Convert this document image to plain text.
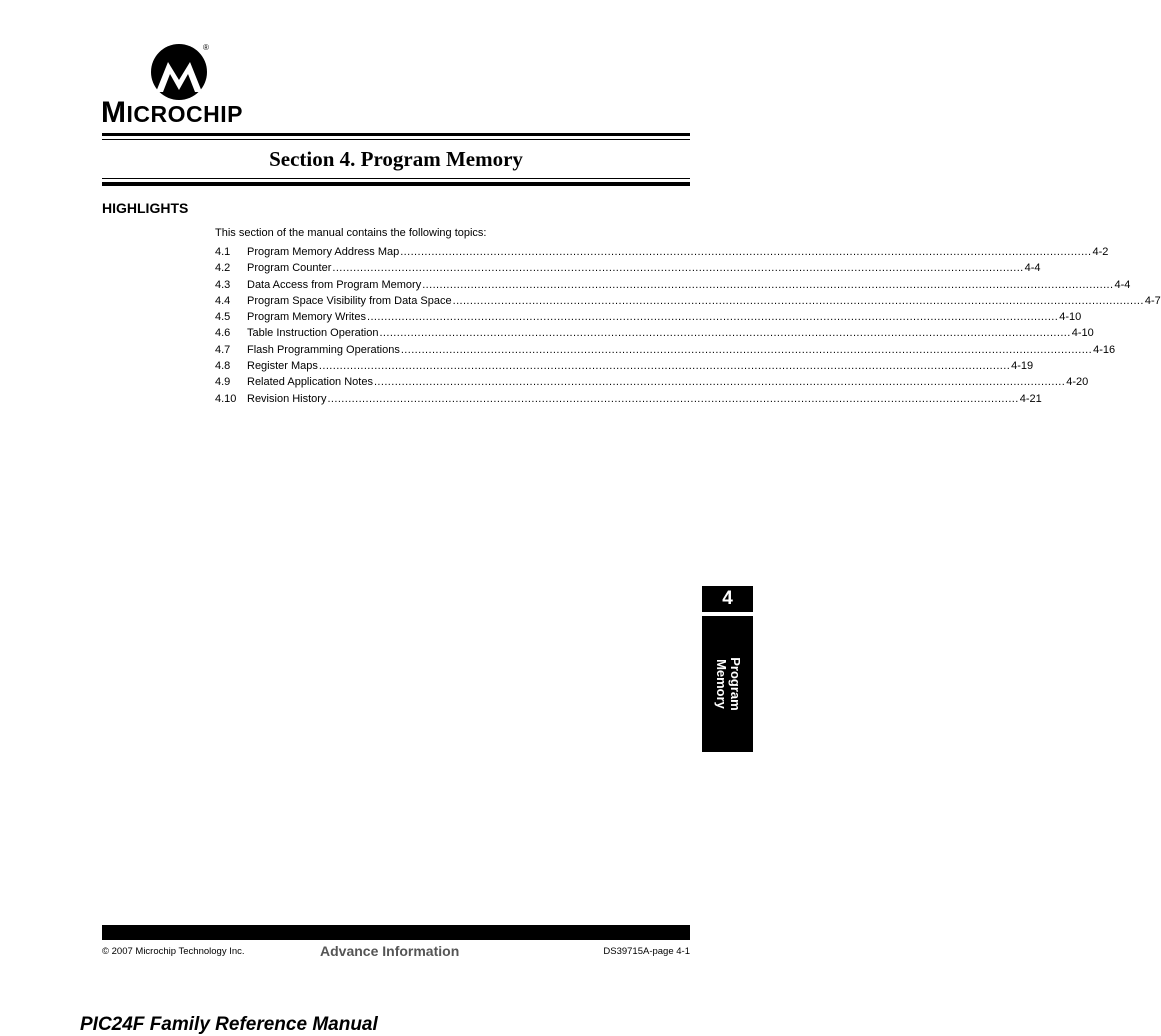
®
MICROCHIP
Section 4. Program Memory
HIGHLIGHTS
This section of the manual contains the following topics:
4.1	Program Memory Address Map ........................................................................................................................................................................................................ 4-2
4.2	Program Counter ........................................................................................................................................................................................................ 4-4
4.3	Data Access from Program Memory ........................................................................................................................................................................................................ 4-4
4.4	Program Space Visibility from Data Space ........................................................................................................................................................................................................ 4-7
4.5	Program Memory Writes ........................................................................................................................................................................................................ 4-10
4.6	Table Instruction Operation ........................................................................................................................................................................................................ 4-10
4.7	Flash Programming Operations ........................................................................................................................................................................................................ 4-16
4.8	Register Maps ........................................................................................................................................................................................................ 4-19
4.9	Related Application Notes ........................................................................................................................................................................................................ 4-20
4.10 Revision History ........................................................................................................................................................................................................ 4-21
4
Program
Memory
© 2007 Microchip Technology Inc.	Advance Information	DS39715A-page 4-1
PIC24F Family Reference Manual
